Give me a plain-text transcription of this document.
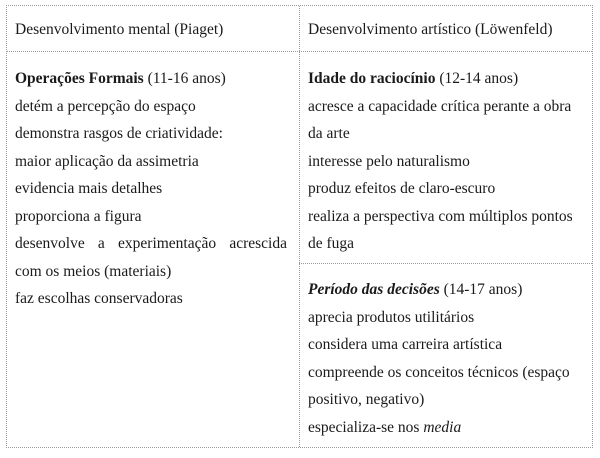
Desenvolvimento mental (Piaget)	Desenvolvimento artístico (Löwenfeld)
Operações Formais (11-16 anos)
detém a percepção do espaço
demonstra rasgos de criatividade:
maior aplicação da assimetria
evidencia mais detalhes
proporciona a figura
desenvolve a experimentação acrescida
com os meios (materiais)
faz escolhas conservadoras
Idade do raciocínio (12-14 anos)
acresce a capacidade crítica perante a obra
da arte
interesse pelo naturalismo
produz efeitos de claro-escuro
realiza a perspectiva com múltiplos pontos
de fuga
Período das decisões (14-17 anos)
aprecia produtos utilitários
considera uma carreira artística
compreende os conceitos técnicos (espaço
positivo, negativo)
especializa-se nos media
